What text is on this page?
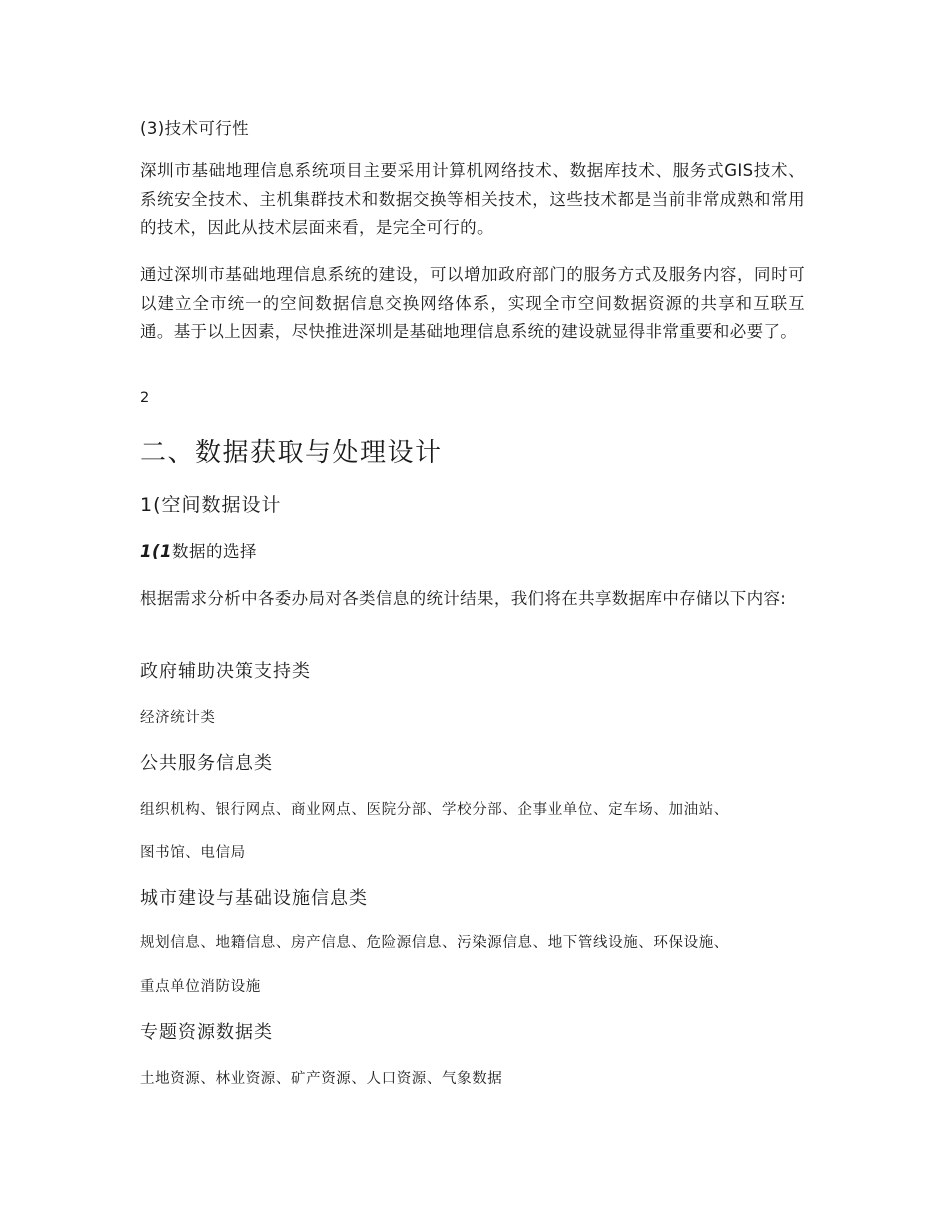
(3)技术可行性

深圳市基础地理信息系统项目主要采用计算机网络技术、数据库技术、服务式GIS技术、系统安全技术、主机集群技术和数据交换等相关技术，这些技术都是当前非常成熟和常用的技术，因此从技术层面来看，是完全可行的。

通过深圳市基础地理信息系统的建设，可以增加政府部门的服务方式及服务内容，同时可以建立全市统一的空间数据信息交换网络体系，实现全市空间数据资源的共享和互联互通。基于以上因素，尽快推进深圳是基础地理信息系统的建设就显得非常重要和必要了。

2
二、数据获取与处理设计
1(空间数据设计
1(1数据的选择

根据需求分析中各委办局对各类信息的统计结果，我们将在共享数据库中存储以下内容:

政府辅助决策支持类
经济统计类
公共服务信息类
组织机构、银行网点、商业网点、医院分部、学校分部、企事业单位、定车场、加油站、
图书馆、电信局
城市建设与基础设施信息类
规划信息、地籍信息、房产信息、危险源信息、污染源信息、地下管线设施、环保设施、
重点单位消防设施
专题资源数据类
土地资源、林业资源、矿产资源、人口资源、气象数据
